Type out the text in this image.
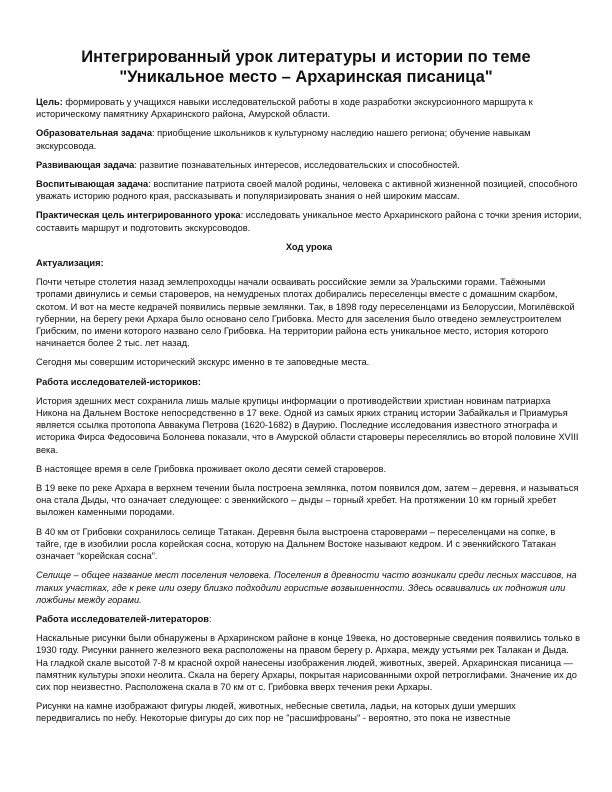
Интегрированный урок литературы и истории по теме
"Уникальное место – Архаринская писаница"

Цель: формировать у учащихся навыки исследовательской работы в ходе разработки экскурсионного маршрута к историческому памятнику Архаринского района, Амурской области.

Образовательная задача: приобщение школьников к культурному наследию нашего региона; обучение навыкам экскурсовода.

Развивающая задача: развитие познавательных интересов, исследовательских и способностей.

Воспитывающая задача: воспитание патриота своей малой родины, человека с активной жизненной позицией, способного уважать историю родного края, рассказывать и популяризировать знания о ней широким массам.

Практическая цель интегрированного урока: исследовать уникальное место Архаринского района с точки зрения истории, составить маршрут и подготовить экскурсоводов.

Ход урока

Актуализация:

Почти четыре столетия назад землепроходцы начали осваивать российские земли за Уральскими горами. Таёжными тропами двинулись и семьи староверов, на немудреных плотах добирались переселенцы вместе с домашним скарбом, скотом. И вот на месте кедрачей появились первые землянки. Так, в 1898 году переселенцами из Белоруссии, Могилёвской губернии, на берегу реки Архара было основано село Грибовка. Место для заселения было отведено землеустроителем Грибским, по имени которого названо село Грибовка. На территории района есть уникальное место, история которого начинается более 2 тыс. лет назад.

Сегодня мы совершим исторический экскурс именно в те заповедные места.

Работа исследователей-историков:

История здешних мест сохранила лишь малые крупицы информации о противодействии христиан новинам патриарха Никона на Дальнем Востоке непосредственно в 17 веке. Одной из самых ярких страниц истории Забайкалья и Приамурья является ссылка протопопа Аввакума Петрова (1620-1682) в Даурию. Последние исследования известного этнографа и историка Фирса Федосовича Болонева показали, что в Амурской области староверы переселялись во второй половине XVIII века.

В настоящее время в селе Грибовка проживает около десяти семей староверов.

В 19 веке по реке Архара в верхнем течении была построена землянка, потом появился дом, затем – деревня, и называться она стала Дыды, что означает следующее: с эвенкийского – дыды – горный хребет. На протяжении 10 км горный хребет выложен каменными породами.

В 40 км от Грибовки сохранилось селище Татакан. Деревня была выстроена староверами – переселенцами на сопке, в тайге, где в изобилии росла корейская сосна, которую на Дальнем Востоке называют кедром. И с эвенкийского Татакан означает “корейская сосна”.

Селище – общее название мест поселения человека. Поселения в древности часто возникали среди лесных массивов, на таких участках, где к реке или озеру близко подходили гористые возвышенности. Здесь осваивались их подножия или ложбины между горами.

Работа исследователей-литераторов:

Наскальные рисунки были обнаружены в Архаринском районе в конце 19века, но достоверные сведения появились только в 1930 году. Рисунки раннего железного века расположены на правом берегу р. Архара, между устьями рек Талакан и Дыда. На гладкой скале высотой 7-8 м красной охрой нанесены изображения людей, животных, зверей. Архаринская писаница — памятник культуры эпохи неолита. Скала на берегу Архары, покрытая нарисованными охрой петроглифами. Значение их до сих пор неизвестно. Расположена скала в 70 км от с. Грибовка вверх течения реки Архары.

Рисунки на камне изображают фигуры людей, животных, небесные светила, ладьи, на которых души умерших передвигались по небу. Некоторые фигуры до сих пор не "расшифрованы" - вероятно, это пока не известные
